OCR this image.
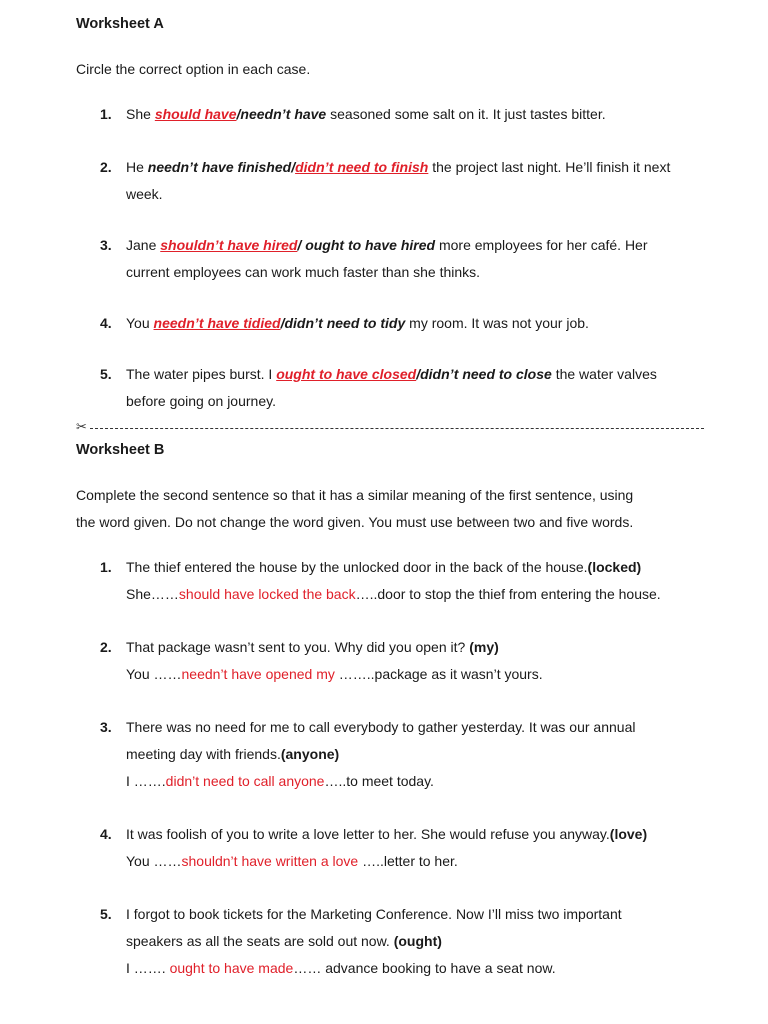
Worksheet A

Circle the correct option in each case.

1. She should have/needn’t have seasoned some salt on it. It just tastes bitter.
2. He needn’t have finished/didn’t need to finish the project last night. He’ll finish it next
week.
3. Jane shouldn’t have hired/ ought to have hired more employees for her café. Her
current employees can work much faster than she thinks.
4. You needn’t have tidied/didn’t need to tidy my room. It was not your job.
5. The water pipes burst. I ought to have closed/didn’t need to close the water valves
before going on journey.
✂

Worksheet B

Complete the second sentence so that it has a similar meaning of the first sentence, using
the word given. Do not change the word given. You must use between two and five words.

1. The thief entered the house by the unlocked door in the back of the house.(locked)
She……should have locked the back…..door to stop the thief from entering the house.
2. That package wasn’t sent to you. Why did you open it? (my)
You ……needn’t have opened my ……..package as it wasn’t yours.
3. There was no need for me to call everybody to gather yesterday. It was our annual
meeting day with friends.(anyone)
I …….didn’t need to call anyone…..to meet today.
4. It was foolish of you to write a love letter to her. She would refuse you anyway.(love)
You ……shouldn’t have written a love …..letter to her.
5. I forgot to book tickets for the Marketing Conference. Now I’ll miss two important
speakers as all the seats are sold out now. (ought)
I ……. ought to have made…… advance booking to have a seat now.
